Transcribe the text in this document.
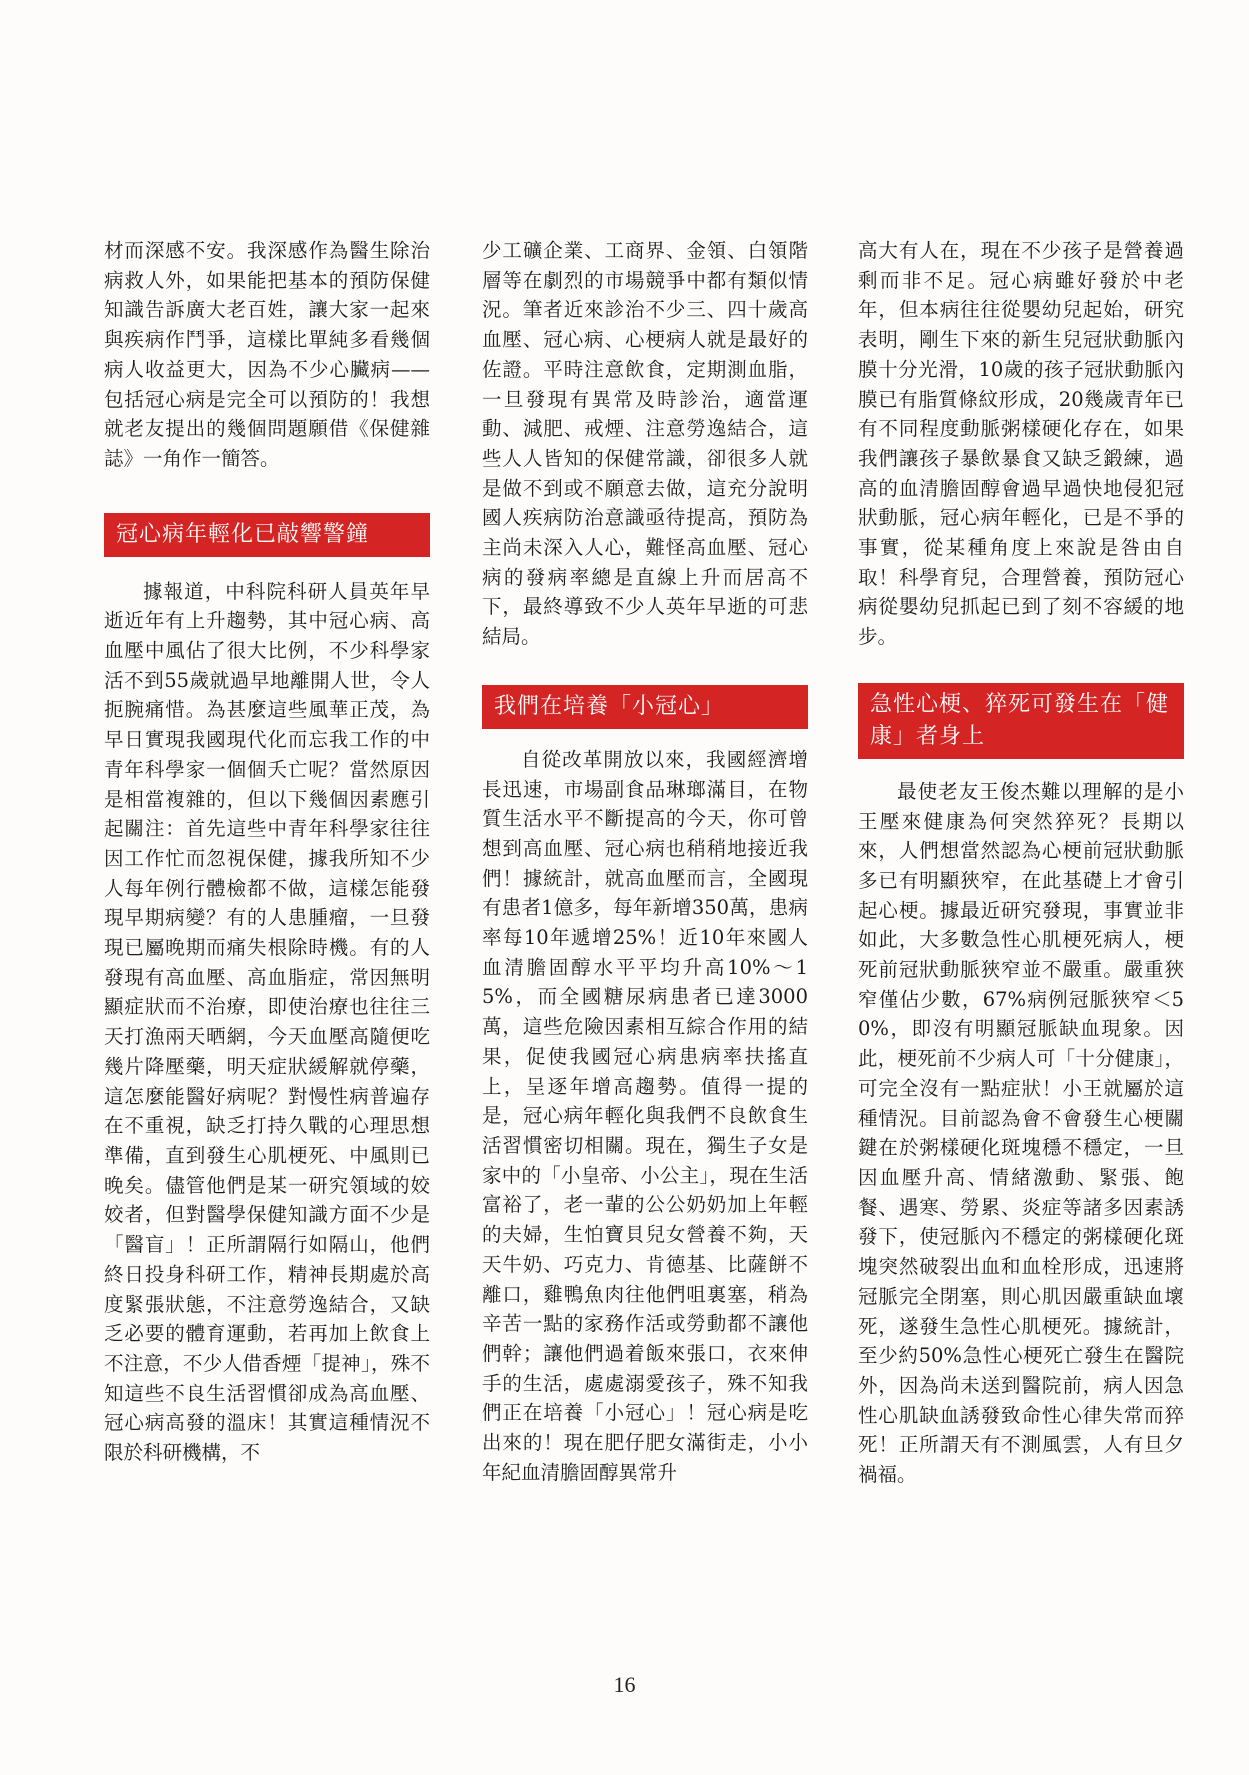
材而深感不安。我深感作為醫生除治病救人外，如果能把基本的預防保健知識告訴廣大老百姓，讓大家一起來與疾病作鬥爭，這樣比單純多看幾個病人收益更大，因為不少心臟病——包括冠心病是完全可以預防的！我想就老友提出的幾個問題願借《保健雜誌》一角作一簡答。

冠心病年輕化已敲響警鐘

據報道，中科院科研人員英年早逝近年有上升趨勢，其中冠心病、高血壓中風佔了很大比例，不少科學家活不到55歲就過早地離開人世，令人扼腕痛惜。為甚麼這些風華正茂，為早日實現我國現代化而忘我工作的中青年科學家一個個夭亡呢？當然原因是相當複雜的，但以下幾個因素應引起關注：首先這些中青年科學家往往因工作忙而忽視保健，據我所知不少人每年例行體檢都不做，這樣怎能發現早期病變？有的人患腫瘤，一旦發現已屬晚期而痛失根除時機。有的人發現有高血壓、高血脂症，常因無明顯症狀而不治療，即使治療也往往三天打漁兩天晒網，今天血壓高隨便吃幾片降壓藥，明天症狀緩解就停藥，這怎麼能醫好病呢？對慢性病普遍存在不重視，缺乏打持久戰的心理思想準備，直到發生心肌梗死、中風則已晚矣。儘管他們是某一研究領域的姣姣者，但對醫學保健知識方面不少是「醫盲」！正所謂隔行如隔山，他們終日投身科研工作，精神長期處於高度緊張狀態，不注意勞逸結合，又缺乏必要的體育運動，若再加上飲食上不注意，不少人借香煙「提神」，殊不知這些不良生活習慣卻成為高血壓、冠心病高發的溫床！其實這種情況不限於科研機構，不

少工礦企業、工商界、金領、白領階層等在劇烈的市場競爭中都有類似情況。筆者近來診治不少三、四十歲高血壓、冠心病、心梗病人就是最好的佐證。平時注意飲食，定期測血脂，一旦發現有異常及時診治，適當運動、減肥、戒煙、注意勞逸結合，這些人人皆知的保健常識，卻很多人就是做不到或不願意去做，這充分說明國人疾病防治意識亟待提高，預防為主尚未深入人心，難怪高血壓、冠心病的發病率總是直線上升而居高不下，最終導致不少人英年早逝的可悲結局。

我們在培養「小冠心」

自從改革開放以來，我國經濟增長迅速，市場副食品琳瑯滿目，在物質生活水平不斷提高的今天，你可曾想到高血壓、冠心病也稍稍地接近我們！據統計，就高血壓而言，全國現有患者1億多，每年新增350萬，患病率每10年遞增25%！近10年來國人血清膽固醇水平平均升高10%～15%，而全國糖尿病患者已達3000萬，這些危險因素相互綜合作用的結果，促使我國冠心病患病率扶搖直上，呈逐年增高趨勢。值得一提的是，冠心病年輕化與我們不良飲食生活習慣密切相關。現在，獨生子女是家中的「小皇帝、小公主」，現在生活富裕了，老一輩的公公奶奶加上年輕的夫婦，生怕寶貝兒女營養不夠，天天牛奶、巧克力、肯德基、比薩餅不離口，雞鴨魚肉往他們咀裏塞，稍為辛苦一點的家務作活或勞動都不讓他們幹；讓他們過着飯來張口，衣來伸手的生活，處處溺愛孩子，殊不知我們正在培養「小冠心」！冠心病是吃出來的！現在肥仔肥女滿街走，小小年紀血清膽固醇異常升

高大有人在，現在不少孩子是營養過剩而非不足。冠心病雖好發於中老年，但本病往往從嬰幼兒起始，研究表明，剛生下來的新生兒冠狀動脈內膜十分光滑，10歲的孩子冠狀動脈內膜已有脂質條紋形成，20幾歲青年已有不同程度動脈粥樣硬化存在，如果我們讓孩子暴飲暴食又缺乏鍛練，過高的血清膽固醇會過早過快地侵犯冠狀動脈，冠心病年輕化，已是不爭的事實，從某種角度上來說是咎由自取！科學育兒，合理營養，預防冠心病從嬰幼兒抓起已到了刻不容緩的地步。

急性心梗、猝死可發生在「健康」者身上

最使老友王俊杰難以理解的是小王壓來健康為何突然猝死？長期以來，人們想當然認為心梗前冠狀動脈多已有明顯狹窄，在此基礎上才會引起心梗。據最近研究發現，事實並非如此，大多數急性心肌梗死病人，梗死前冠狀動脈狹窄並不嚴重。嚴重狹窄僅佔少數，67%病例冠脈狹窄＜50%，即沒有明顯冠脈缺血現象。因此，梗死前不少病人可「十分健康」，可完全沒有一點症狀！小王就屬於這種情況。目前認為會不會發生心梗關鍵在於粥樣硬化斑塊穩不穩定，一旦因血壓升高、情緒激動、緊張、飽餐、遇寒、勞累、炎症等諸多因素誘發下，使冠脈內不穩定的粥樣硬化斑塊突然破裂出血和血栓形成，迅速將冠脈完全閉塞，則心肌因嚴重缺血壞死，遂發生急性心肌梗死。據統計，至少約50%急性心梗死亡發生在醫院外，因為尚未送到醫院前，病人因急性心肌缺血誘發致命性心律失常而猝死！正所謂天有不測風雲，人有旦夕禍福。

16
